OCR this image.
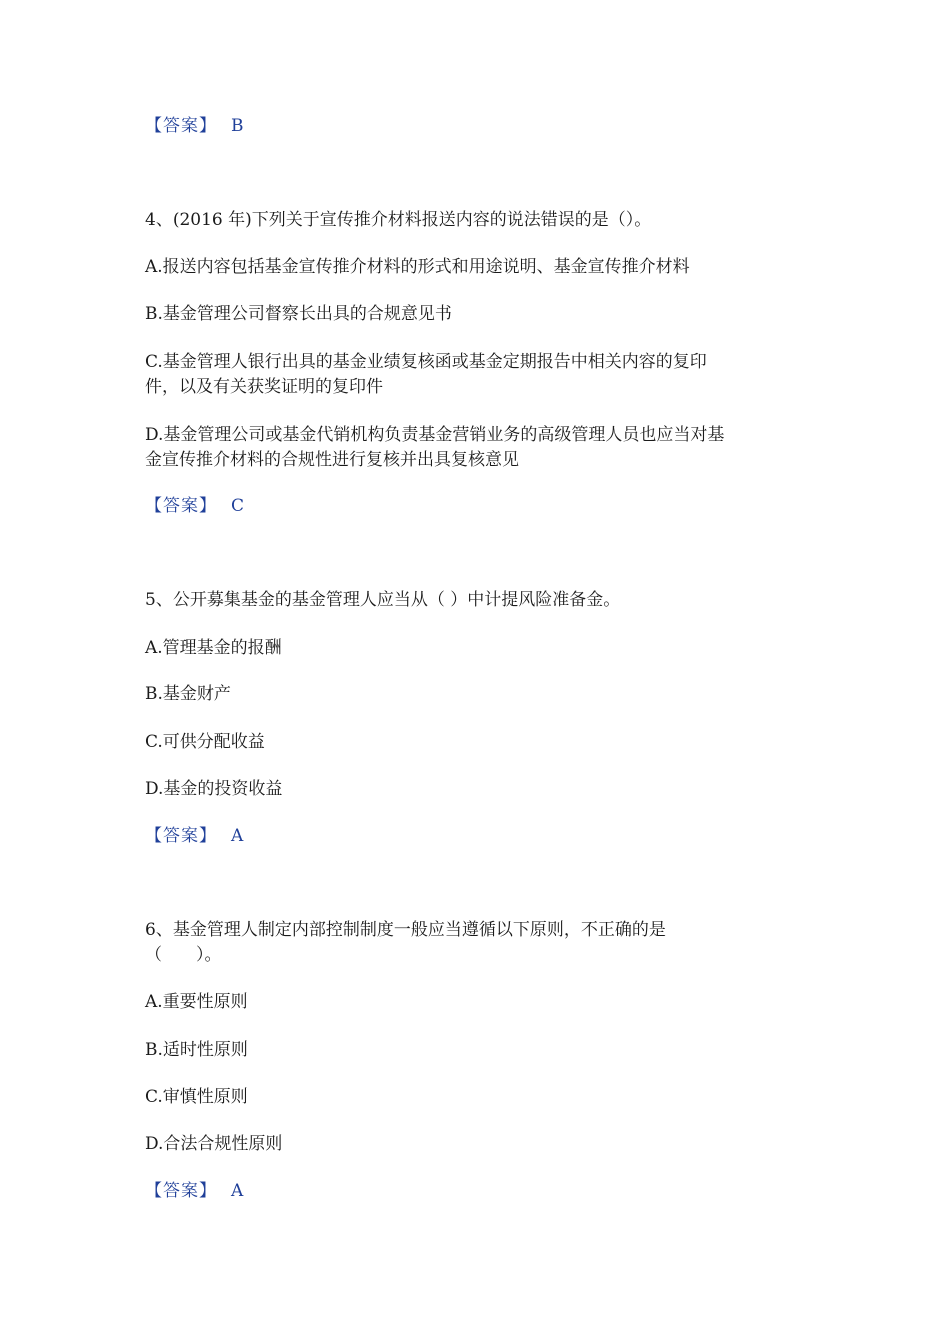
【答案】 B
4、(2016 年)下列关于宣传推介材料报送内容的说法错误的是（）。
A.报送内容包括基金宣传推介材料的形式和用途说明、基金宣传推介材料
B.基金管理公司督察长出具的合规意见书
C.基金管理人银行出具的基金业绩复核函或基金定期报告中相关内容的复印
件，以及有关获奖证明的复印件
D.基金管理公司或基金代销机构负责基金营销业务的高级管理人员也应当对基
金宣传推介材料的合规性进行复核并出具复核意见
【答案】 C
5、公开募集基金的基金管理人应当从（ ）中计提风险准备金。
A.管理基金的报酬
B.基金财产
C.可供分配收益
D.基金的投资收益
【答案】 A
6、基金管理人制定内部控制制度一般应当遵循以下原则，不正确的是
（　　）。
A.重要性原则
B.适时性原则
C.审慎性原则
D.合法合规性原则
【答案】 A
